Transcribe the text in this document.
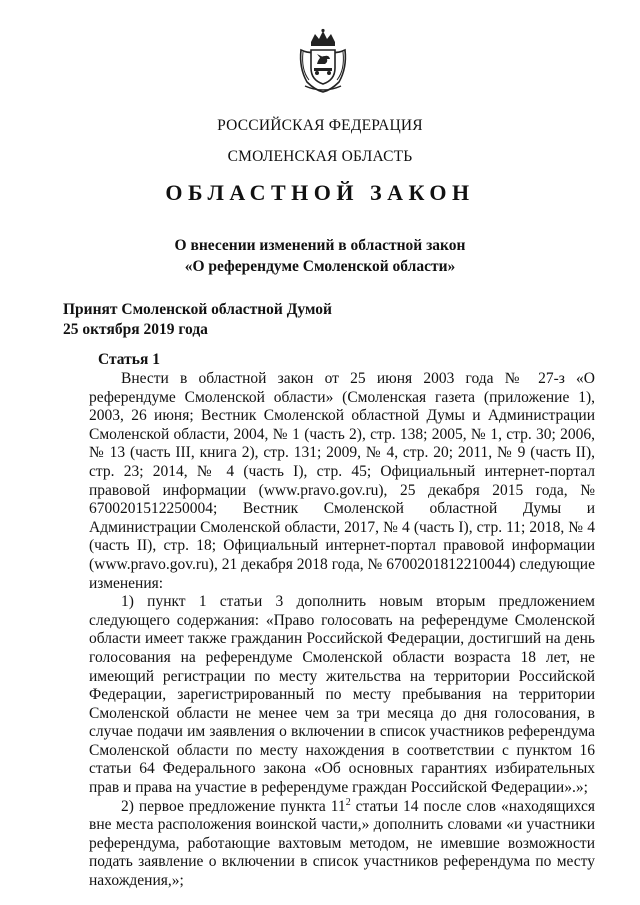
РОССИЙСКАЯ ФЕДЕРАЦИЯ
СМОЛЕНСКАЯ ОБЛАСТЬ
ОБЛАСТНОЙ ЗАКОН
О внесении изменений в областной закон
«О референдуме Смоленской области»
Принят Смоленской областной Думой
25 октября 2019 года
Статья 1

Внести в областной закон от 25 июня 2003 года № 27-з «О референдуме Смоленской области» (Смоленская газета (приложение 1), 2003, 26 июня; Вестник Смоленской областной Думы и Администрации Смоленской области, 2004, № 1 (часть 2), стр. 138; 2005, № 1, стр. 30; 2006, № 13 (часть III, книга 2), стр. 131; 2009, № 4, стр. 20; 2011, № 9 (часть II), стр. 23; 2014, № 4 (часть I), стр. 45; Официальный интернет-портал правовой информации (www.pravo.gov.ru), 25 декабря 2015 года, № 6700201512250004; Вестник Смоленской областной Думы и Администрации Смоленской области, 2017, № 4 (часть I), стр. 11; 2018, № 4 (часть II), стр. 18; Официальный интернет-портал правовой информации (www.pravo.gov.ru), 21 декабря 2018 года, № 6700201812210044) следующие изменения:

1) пункт 1 статьи 3 дополнить новым вторым предложением следующего содержания: «Право голосовать на референдуме Смоленской области имеет также гражданин Российской Федерации, достигший на день голосования на референдуме Смоленской области возраста 18 лет, не имеющий регистрации по месту жительства на территории Российской Федерации, зарегистрированный по месту пребывания на территории Смоленской области не менее чем за три месяца до дня голосования, в случае подачи им заявления о включении в список участников референдума Смоленской области по месту нахождения в соответствии с пунктом 16 статьи 64 Федерального закона «Об основных гарантиях избирательных прав и права на участие в референдуме граждан Российской Федерации».»;

2) первое предложение пункта $11^2$ статьи 14 после слов «находящихся вне места расположения воинской части,» дополнить словами «и участники референдума, работающие вахтовым методом, не имевшие возможности подать заявление о включении в список участников референдума по месту нахождения,»;
